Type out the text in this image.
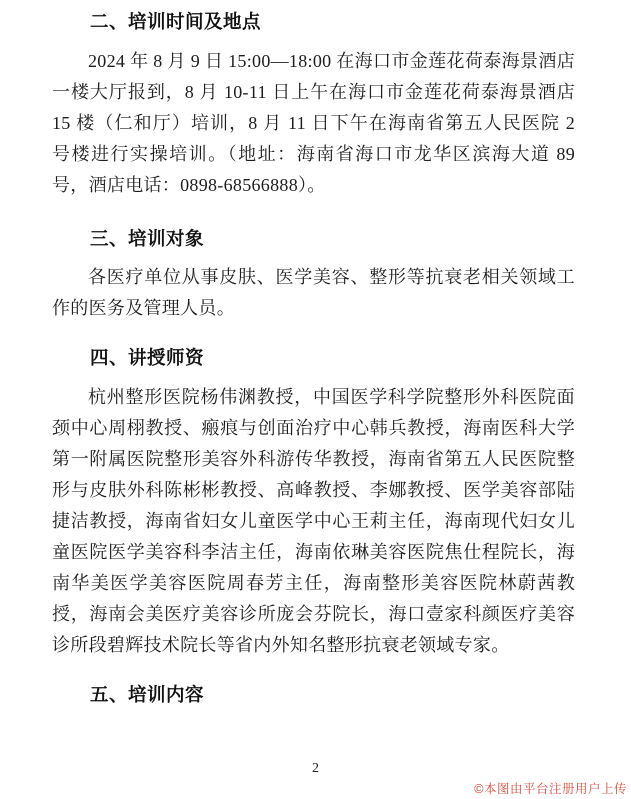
二、培训时间及地点

2024 年 8 月 9 日 15:00—18:00 在海口市金莲花荷泰海景酒店一楼大厅报到，8 月 10-11 日上午在海口市金莲花荷泰海景酒店 15 楼（仁和厅）培训，8 月 11 日下午在海南省第五人民医院 2 号楼进行实操培训。（地址：海南省海口市龙华区滨海大道 89 号，酒店电话：0898-68566888）。

三、培训对象

各医疗单位从事皮肤、医学美容、整形等抗衰老相关领域工作的医务及管理人员。

四、讲授师资

杭州整形医院杨伟渊教授，中国医学科学院整形外科医院面颈中心周栩教授、瘢痕与创面治疗中心韩兵教授，海南医科大学第一附属医院整形美容外科游传华教授，海南省第五人民医院整形与皮肤外科陈彬彬教授、高峰教授、李娜教授、医学美容部陆捷洁教授，海南省妇女儿童医学中心王莉主任，海南现代妇女儿童医院医学美容科李洁主任，海南依琳美容医院焦仕程院长，海南华美医学美容医院周春芳主任，海南整形美容医院林蔚茜教授，海南会美医疗美容诊所庞会芬院长，海口壹家科颜医疗美容诊所段碧辉技术院长等省内外知名整形抗衰老领域专家。

五、培训内容
2
©本图由平台注册用户上传
